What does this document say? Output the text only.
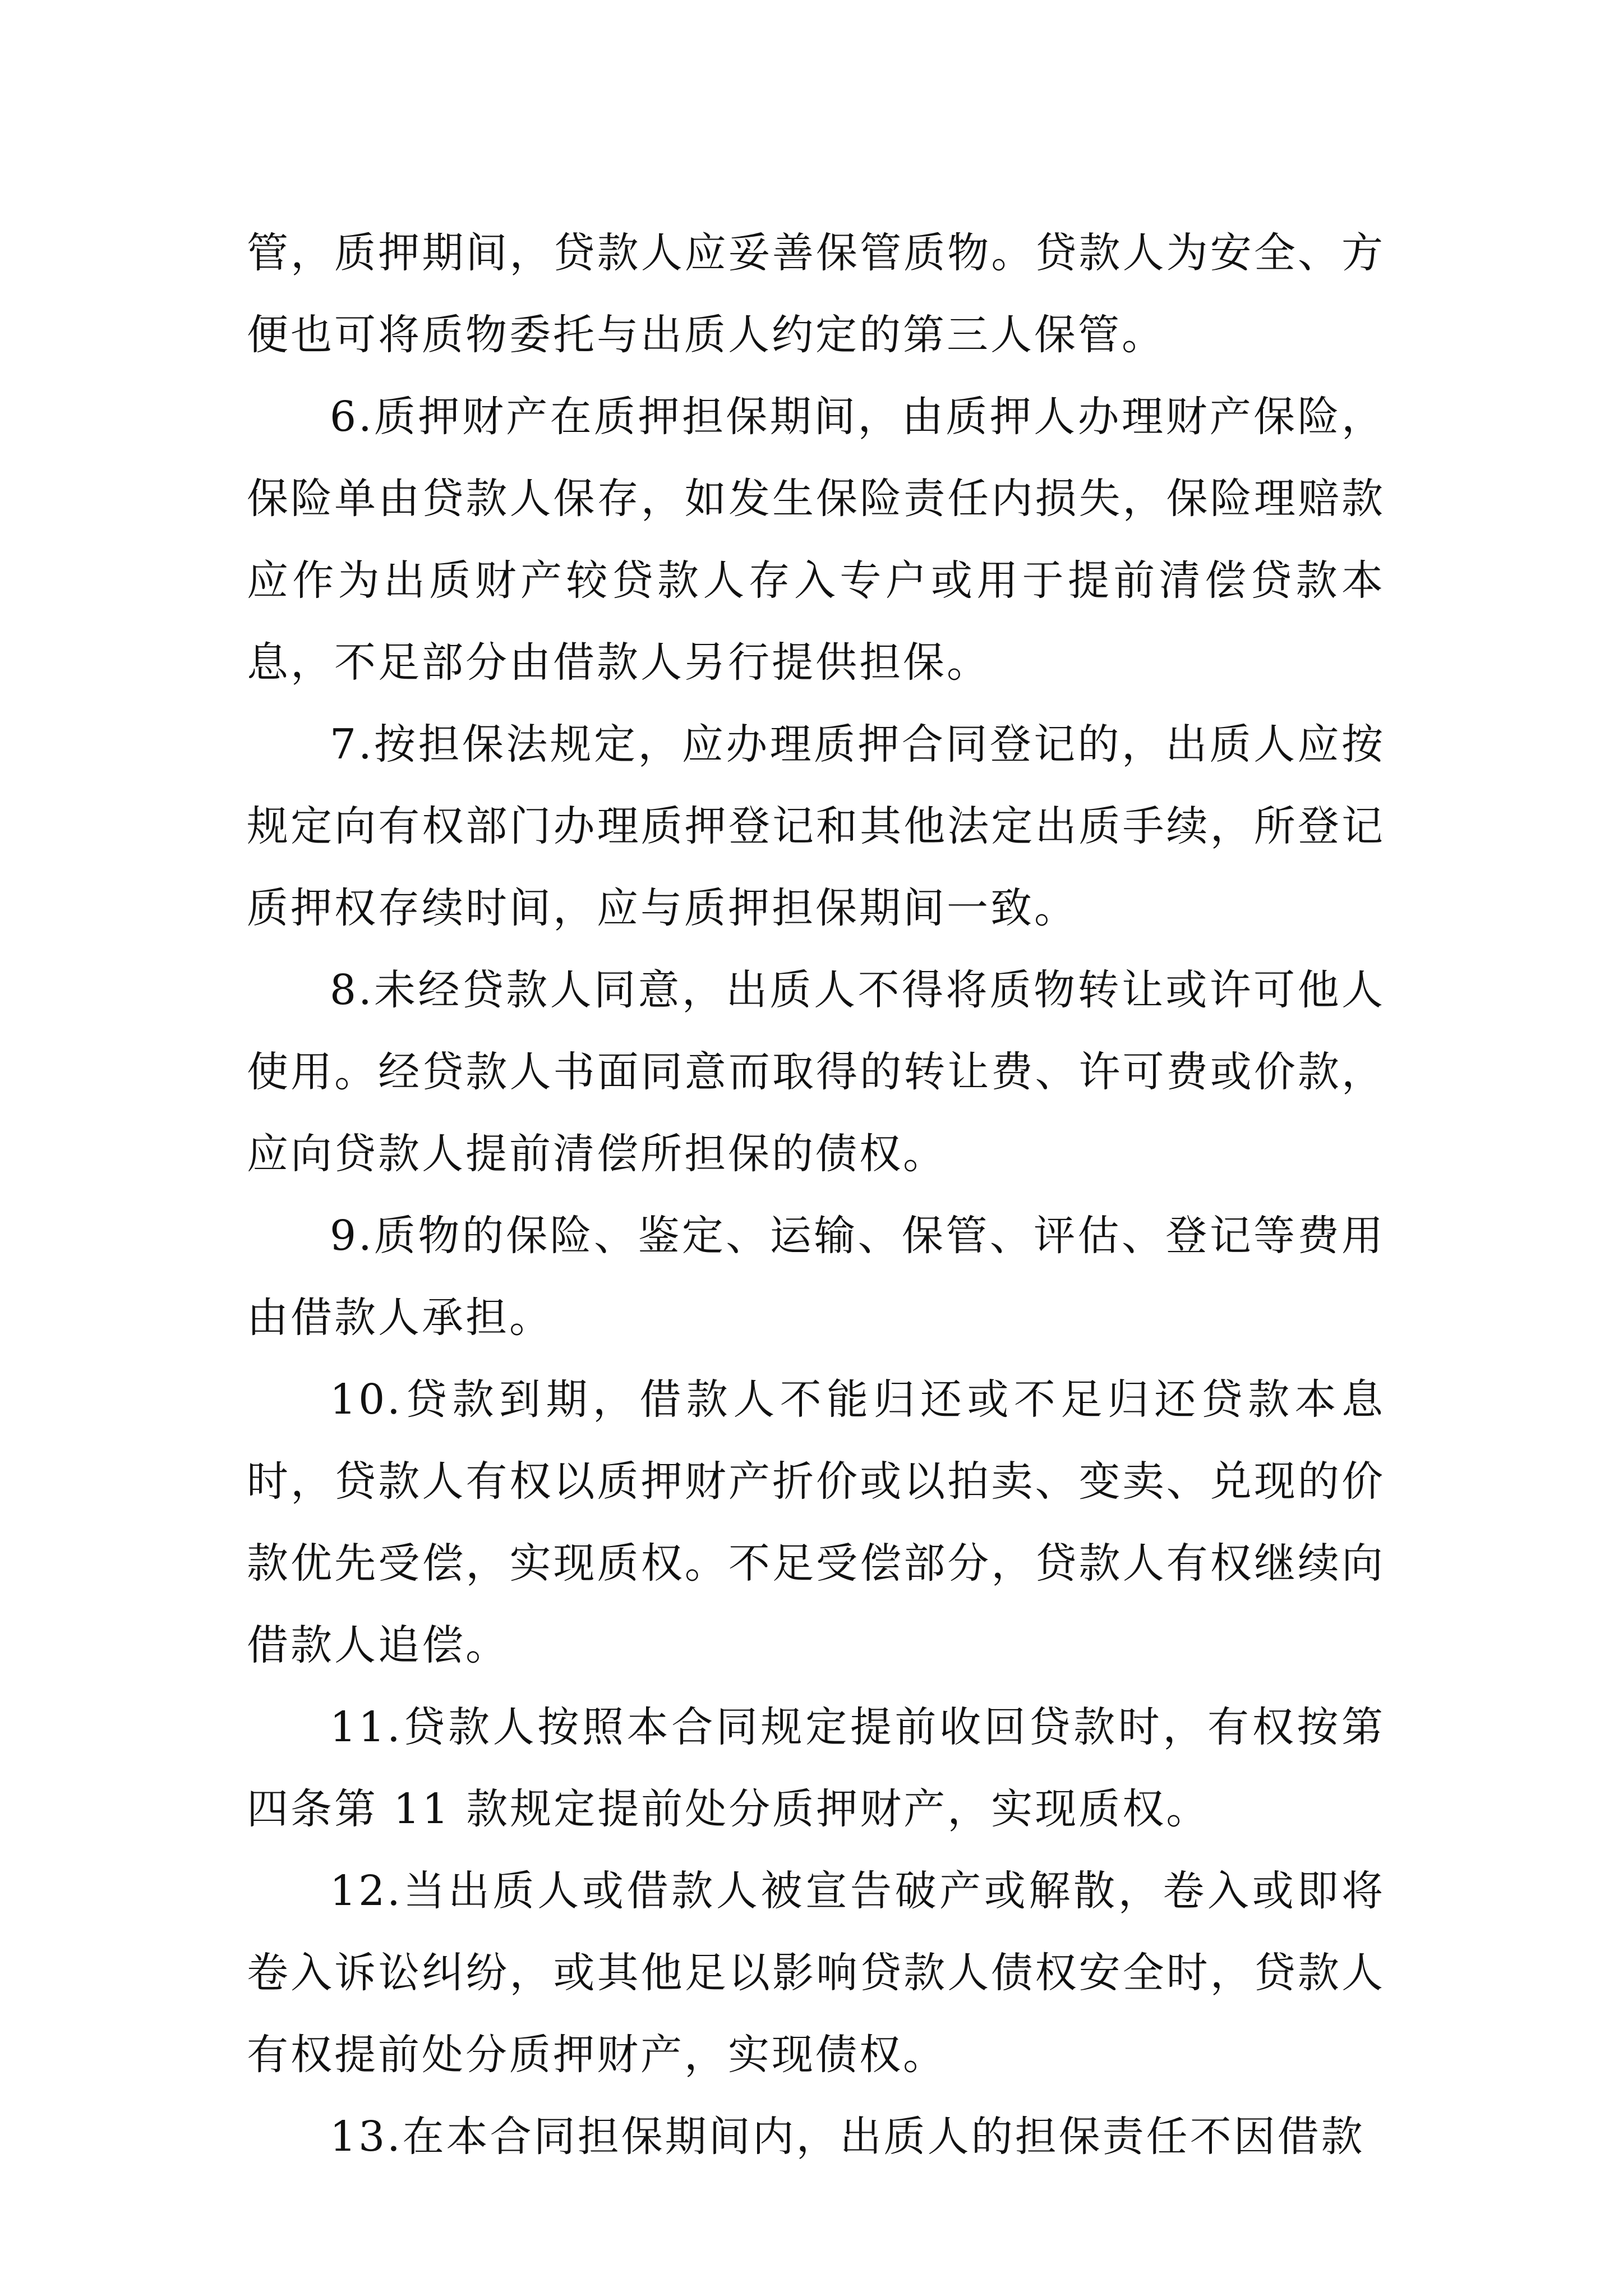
管，质押期间，贷款人应妥善保管质物。贷款人为安全、方便也可将质物委托与出质人约定的第三人保管。

6.质押财产在质押担保期间，由质押人办理财产保险，保险单由贷款人保存，如发生保险责任内损失，保险理赔款应作为出质财产较贷款人存入专户或用于提前清偿贷款本息，不足部分由借款人另行提供担保。

7.按担保法规定，应办理质押合同登记的，出质人应按规定向有权部门办理质押登记和其他法定出质手续，所登记质押权存续时间，应与质押担保期间一致。

8.未经贷款人同意，出质人不得将质物转让或许可他人使用。经贷款人书面同意而取得的转让费、许可费或价款，应向贷款人提前清偿所担保的债权。

9.质物的保险、鉴定、运输、保管、评估、登记等费用由借款人承担。

10.贷款到期，借款人不能归还或不足归还贷款本息时，贷款人有权以质押财产折价或以拍卖、变卖、兑现的价款优先受偿，实现质权。不足受偿部分，贷款人有权继续向借款人追偿。

11.贷款人按照本合同规定提前收回贷款时，有权按第四条第 11 款规定提前处分质押财产，实现质权。

12.当出质人或借款人被宣告破产或解散，卷入或即将卷入诉讼纠纷，或其他足以影响贷款人债权安全时，贷款人有权提前处分质押财产，实现债权。

13.在本合同担保期间内，出质人的担保责任不因借款
